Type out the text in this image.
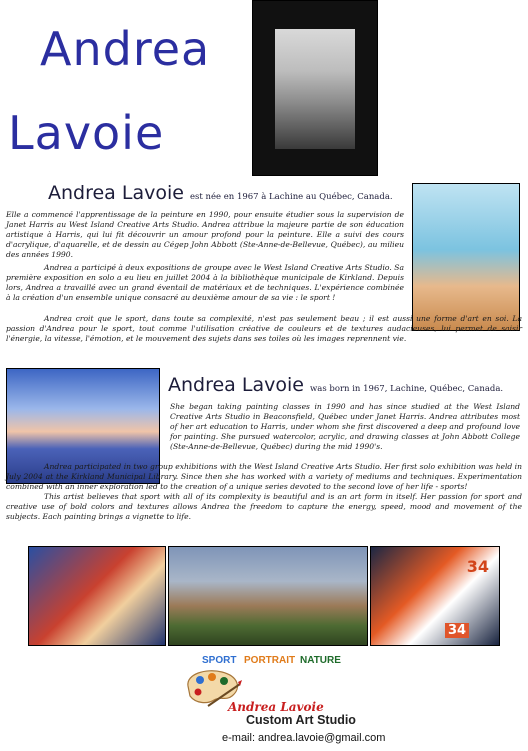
Andrea
Lavoie
Andrea Lavoie est née en 1967 à Lachine au Québec, Canada.

Elle a commencé l'apprentissage de la peinture en 1990, pour ensuite étudier sous la supervision de Janet Harris au West Island Creative Arts Studio. Andrea attribue la majeure partie de son éducation artistique à Harris, qui lui fit découvrir un amour profond pour la peinture. Elle a suivi des cours d'acrylique, d'aquarelle, et de dessin au Cégep John Abbott (Ste-Anne-de-Bellevue, Québec), au milieu des années 1990.

Andrea a participé à deux expositions de groupe avec le West Island Creative Arts Studio. Sa première exposition en solo a eu lieu en juillet 2004 à la bibliothèque municipale de Kirkland. Depuis lors, Andrea a travaillé avec un grand éventail de matériaux et de techniques. L'expérience combinée à la création d'un ensemble unique consacré au deuxième amour de sa vie : le sport !

Andrea croit que le sport, dans toute sa complexité, n'est pas seulement beau ; il est aussi une forme d'art en soi. La passion d'Andrea pour le sport, tout comme l'utilisation créative de couleurs et de textures audacieuses, lui permet de saisir l'énergie, la vitesse, l'émotion, et le mouvement des sujets dans ses toiles où les images reprennent vie.

Andrea Lavoie was born in 1967, Lachine, Québec, Canada.

She began taking painting classes in 1990 and has since studied at the West Island Creative Arts Studio in Beaconsfield, Québec under Janet Harris. Andrea attributes most of her art education to Harris, under whom she first discovered a deep and profound love for painting. She pursued watercolor, acrylic, and drawing classes at John Abbott College (Ste-Anne-de-Bellevue, Québec) during the mid 1990's.

Andrea participated in two group exhibitions with the West Island Creative Arts Studio. Her first solo exhibition was held in July 2004 at the Kirkland Municipal Library. Since then she has worked with a variety of mediums and techniques. Experimentation combined with an inner exploration led to the creation of a unique series devoted to the second love of her life - sports!

This artist believes that sport with all of its complexity is beautiful and is an art form in itself. Her passion for sport and creative use of bold colors and textures allows Andrea the freedom to capture the energy, speed, mood and movement of the subjects. Each painting brings a vignette to life.

34
34
SPORT PORTRAIT NATURE
Andrea Lavoie
Custom Art Studio
e-mail: andrea.lavoie@gmail.com
